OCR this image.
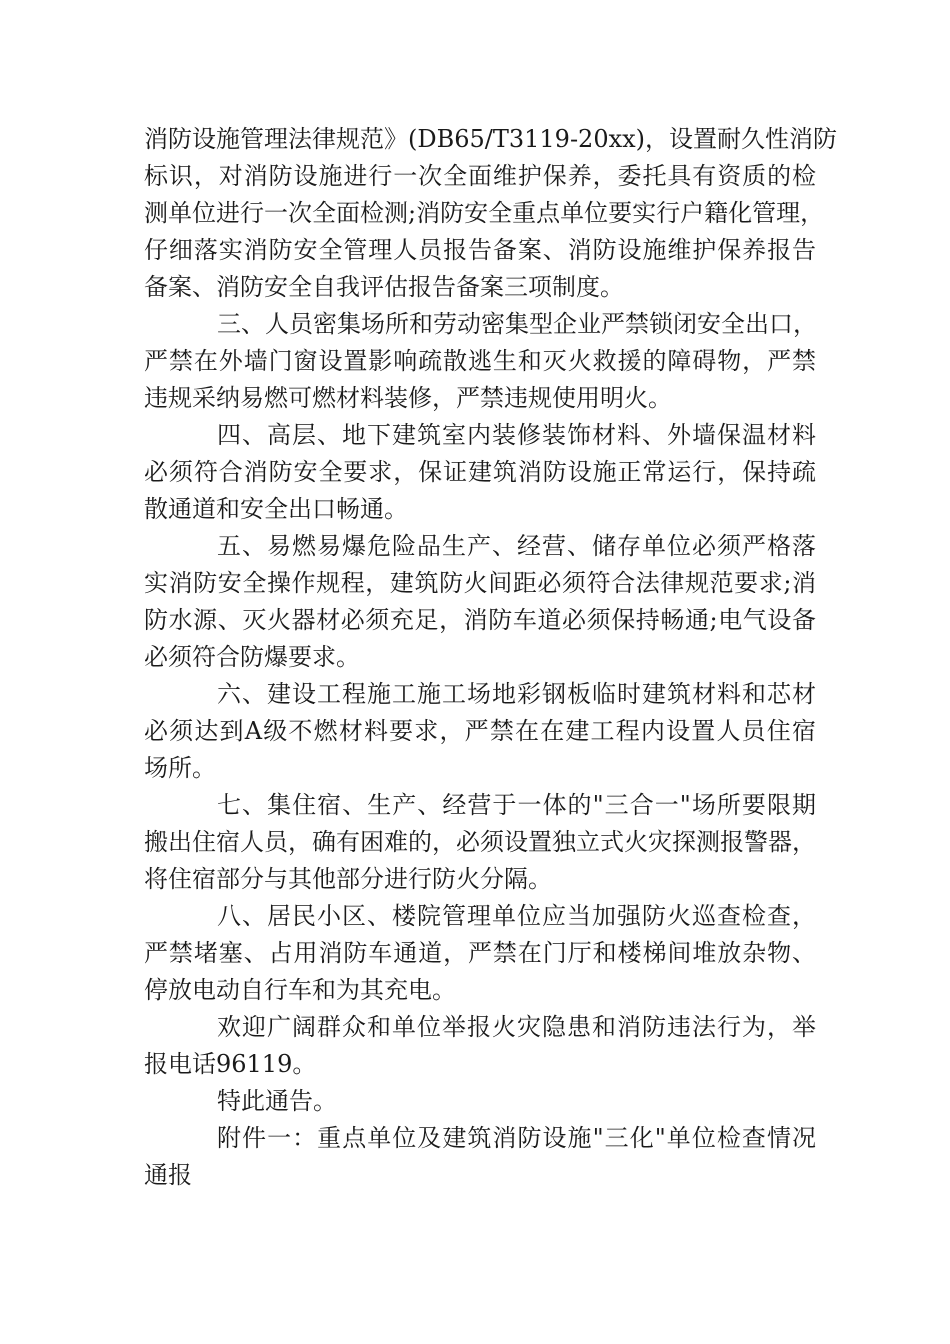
消防设施管理法律规范》(DB65/T3119-20xx)，设置耐久性消防
标识，对消防设施进行一次全面维护保养，委托具有资质的检
测单位进行一次全面检测;消防安全重点单位要实行户籍化管理，
仔细落实消防安全管理人员报告备案、消防设施维护保养报告
备案、消防安全自我评估报告备案三项制度。
三、人员密集场所和劳动密集型企业严禁锁闭安全出口，
严禁在外墙门窗设置影响疏散逃生和灭火救援的障碍物，严禁
违规采纳易燃可燃材料装修，严禁违规使用明火。
四、高层、地下建筑室内装修装饰材料、外墙保温材料
必须符合消防安全要求，保证建筑消防设施正常运行，保持疏
散通道和安全出口畅通。
五、易燃易爆危险品生产、经营、储存单位必须严格落
实消防安全操作规程，建筑防火间距必须符合法律规范要求;消
防水源、灭火器材必须充足，消防车道必须保持畅通;电气设备
必须符合防爆要求。
六、建设工程施工施工场地彩钢板临时建筑材料和芯材
必须达到A级不燃材料要求，严禁在在建工程内设置人员住宿
场所。
七、集住宿、生产、经营于一体的"三合一"场所要限期
搬出住宿人员，确有困难的，必须设置独立式火灾探测报警器，
将住宿部分与其他部分进行防火分隔。
八、居民小区、楼院管理单位应当加强防火巡查检查，
严禁堵塞、占用消防车通道，严禁在门厅和楼梯间堆放杂物、
停放电动自行车和为其充电。
欢迎广阔群众和单位举报火灾隐患和消防违法行为，举
报电话96119。
特此通告。
附件一：重点单位及建筑消防设施"三化"单位检查情况
通报
